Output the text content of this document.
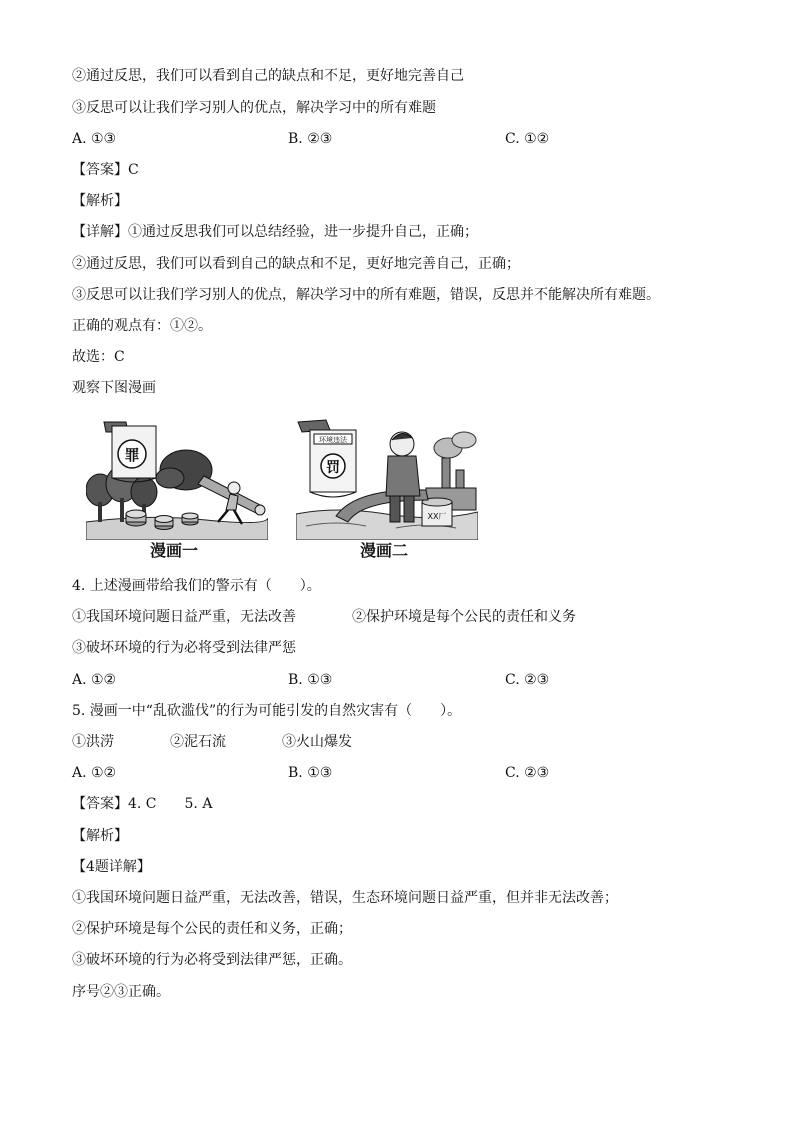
②通过反思，我们可以看到自己的缺点和不足，更好地完善自己
③反思可以让我们学习别人的优点，解决学习中的所有难题
A. ①③	B. ②③	C. ①②
【答案】C
【解析】
【详解】①通过反思我们可以总结经验，进一步提升自己，正确；
②通过反思，我们可以看到自己的缺点和不足，更好地完善自己，正确；
③反思可以让我们学习别人的优点，解决学习中的所有难题，错误，反思并不能解决所有难题。
正确的观点有：①②。
故选：C
观察下图漫画
罪
漫画一
XX厂
环境违法
罚
漫画二
4. 上述漫画带给我们的警示有（　　）。
①我国环境问题日益严重，无法改善	②保护环境是每个公民的责任和义务
③破坏环境的行为必将受到法律严惩
A. ①②	B. ①③	C. ②③
5. 漫画一中“乱砍滥伐”的行为可能引发的自然灾害有（　　）。
①洪涝	②泥石流	③火山爆发
A. ①②	B. ①③	C. ②③
【答案】4. C　　5. A
【解析】
【4题详解】
①我国环境问题日益严重，无法改善，错误，生态环境问题日益严重，但并非无法改善；
②保护环境是每个公民的责任和义务，正确；
③破坏环境的行为必将受到法律严惩，正确。
序号②③正确。
